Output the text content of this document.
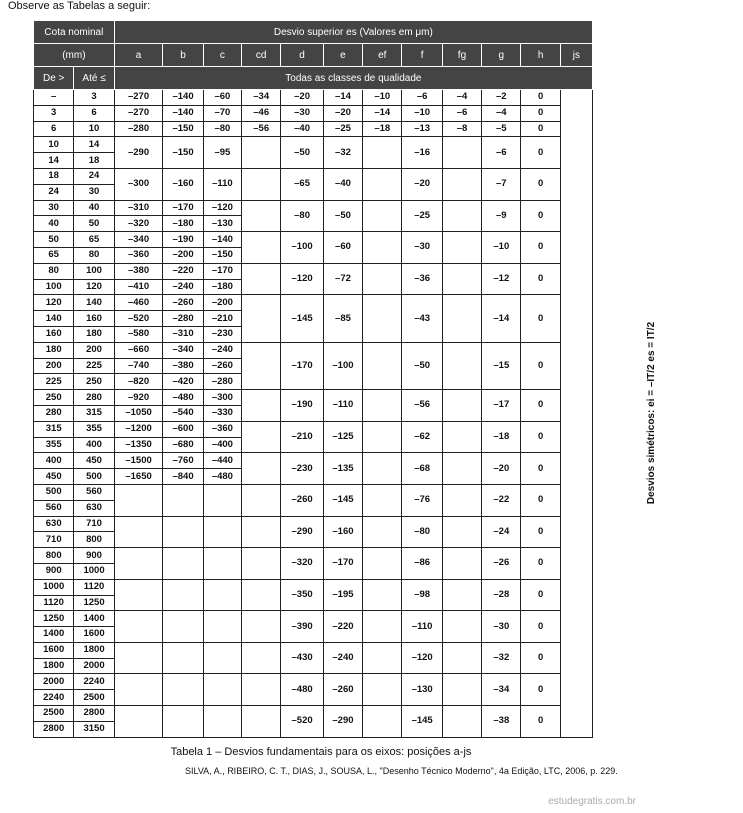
Observe as Tabelas a seguir:
Cota nominal		Desvio superior es (Valores em μm)											
(mm)		a	b	c	cd	d	e	ef	f	fg	g	h	js
De >	Até ≤	Todas as classes de qualidade											
–	3	–270	–140	–60	–34	–20	–14	–10	–6	–4	–2	0	Desvios simétricos: ei = –IT/2 es = IT/2
3	6	–270	–140	–70	–46	–30	–20	–14	–10	–6	–4	0	
6	10	–280	–150	–80	–56	–40	–25	–18	–13	–8	–5	0	
10	14	–290	–150	–95		–50	–32		–16		–6	0	
14	18												
18	24	–300	–160	–110		–65	–40		–20		–7	0	
24	30												
30	40	–310	–170	–120		–80	–50		–25		–9	0	
40	50	–320	–180	–130									
50	65	–340	–190	–140		–100	–60		–30		–10	0	
65	80	–360	–200	–150									
80	100	–380	–220	–170		–120	–72		–36		–12	0	
100	120	–410	–240	–180									
120	140	–460	–260	–200		–145	–85		–43		–14	0	
140	160	–520	–280	–210									
160	180	–580	–310	–230									
180	200	–660	–340	–240		–170	–100		–50		–15	0	
200	225	–740	–380	–260									
225	250	–820	–420	–280									
250	280	–920	–480	–300		–190	–110		–56		–17	0	
280	315	–1050	–540	–330									
315	355	–1200	–600	–360		–210	–125		–62		–18	0	
355	400	–1350	–680	–400									
400	450	–1500	–760	–440		–230	–135		–68		–20	0	
450	500	–1650	–840	–480									
500	560					–260	–145		–76		–22	0	
560	630												
630	710					–290	–160		–80		–24	0	
710	800												
800	900					–320	–170		–86		–26	0	
900	1000												
1000	1120					–350	–195		–98		–28	0	
1120	1250												
1250	1400					–390	–220		–110		–30	0	
1400	1600												
1600	1800					–430	–240		–120		–32	0	
1800	2000												
2000	2240					–480	–260		–130		–34	0	
2240	2500												
2500	2800					–520	–290		–145		–38	0	
2800	3150												
Tabela 1 – Desvios fundamentais para os eixos: posições a-js
SILVA, A., RIBEIRO, C. T., DIAS, J., SOUSA, L., "Desenho Técnico Moderno", 4a Edição, LTC, 2006, p. 229.
estudegratis.com.br
